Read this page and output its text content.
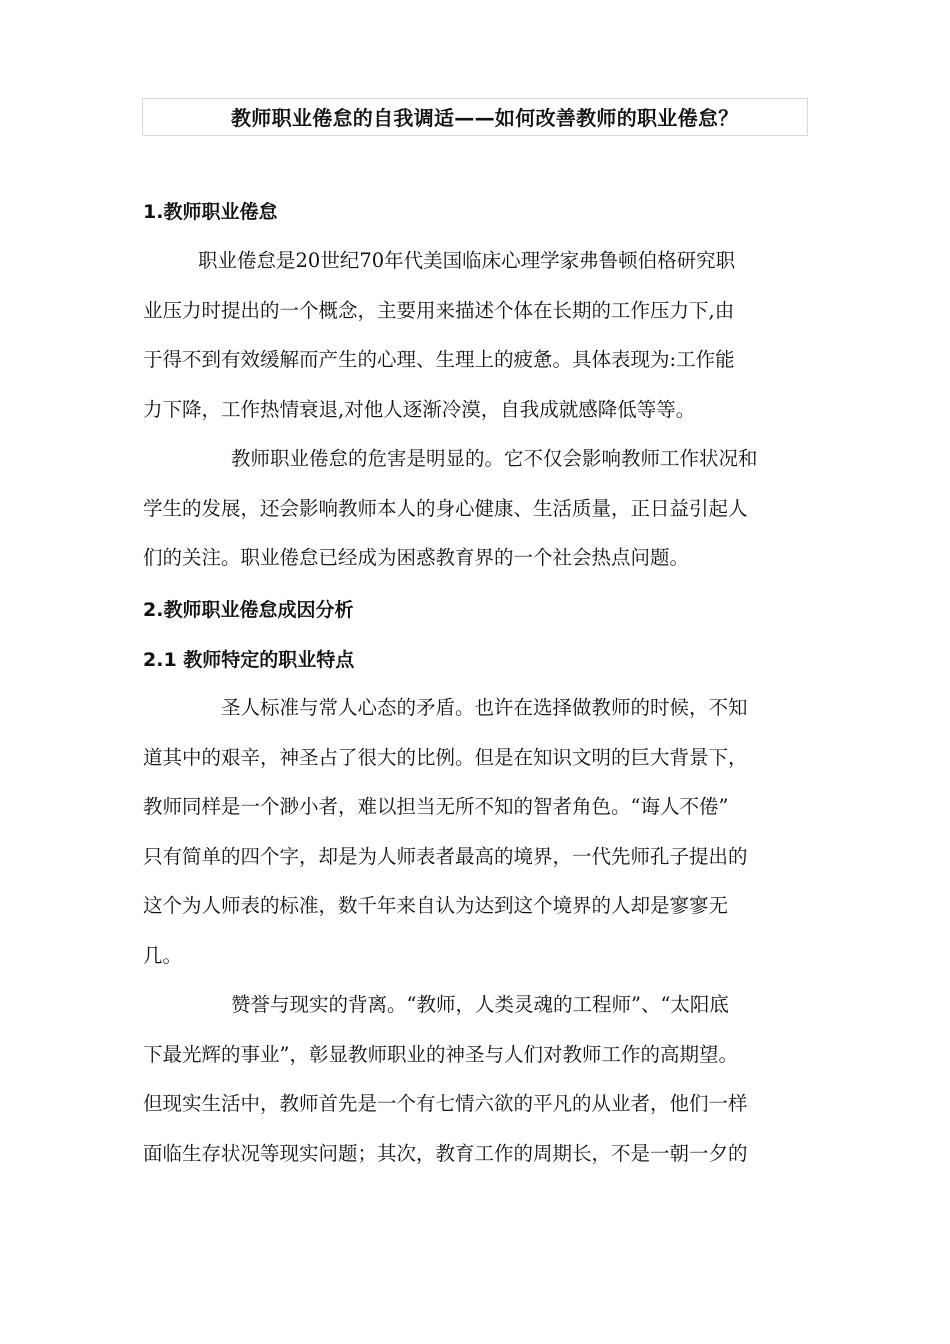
教师职业倦怠的自我调适——如何改善教师的职业倦怠？
1.教师职业倦怠
职业倦怠是20世纪70年代美国临床心理学家弗鲁顿伯格研究职
业压力时提出的一个概念，主要用来描述个体在长期的工作压力下,由
于得不到有效缓解而产生的心理、生理上的疲惫。具体表现为:工作能
力下降，工作热情衰退,对他人逐渐冷漠，自我成就感降低等等。
教师职业倦怠的危害是明显的。它不仅会影响教师工作状况和
学生的发展，还会影响教师本人的身心健康、生活质量，正日益引起人
们的关注。职业倦怠已经成为困惑教育界的一个社会热点问题。
2.教师职业倦怠成因分析
2.1 教师特定的职业特点
圣人标准与常人心态的矛盾。也许在选择做教师的时候，不知
道其中的艰辛，神圣占了很大的比例。但是在知识文明的巨大背景下，
教师同样是一个渺小者，难以担当无所不知的智者角色。“诲人不倦”
只有简单的四个字，却是为人师表者最高的境界，一代先师孔子提出的
这个为人师表的标准，数千年来自认为达到这个境界的人却是寥寥无
几。
赞誉与现实的背离。“教师，人类灵魂的工程师”、“太阳底
下最光辉的事业”，彰显教师职业的神圣与人们对教师工作的高期望。
但现实生活中，教师首先是一个有七情六欲的平凡的从业者，他们一样
面临生存状况等现实问题；其次，教育工作的周期长，不是一朝一夕的
